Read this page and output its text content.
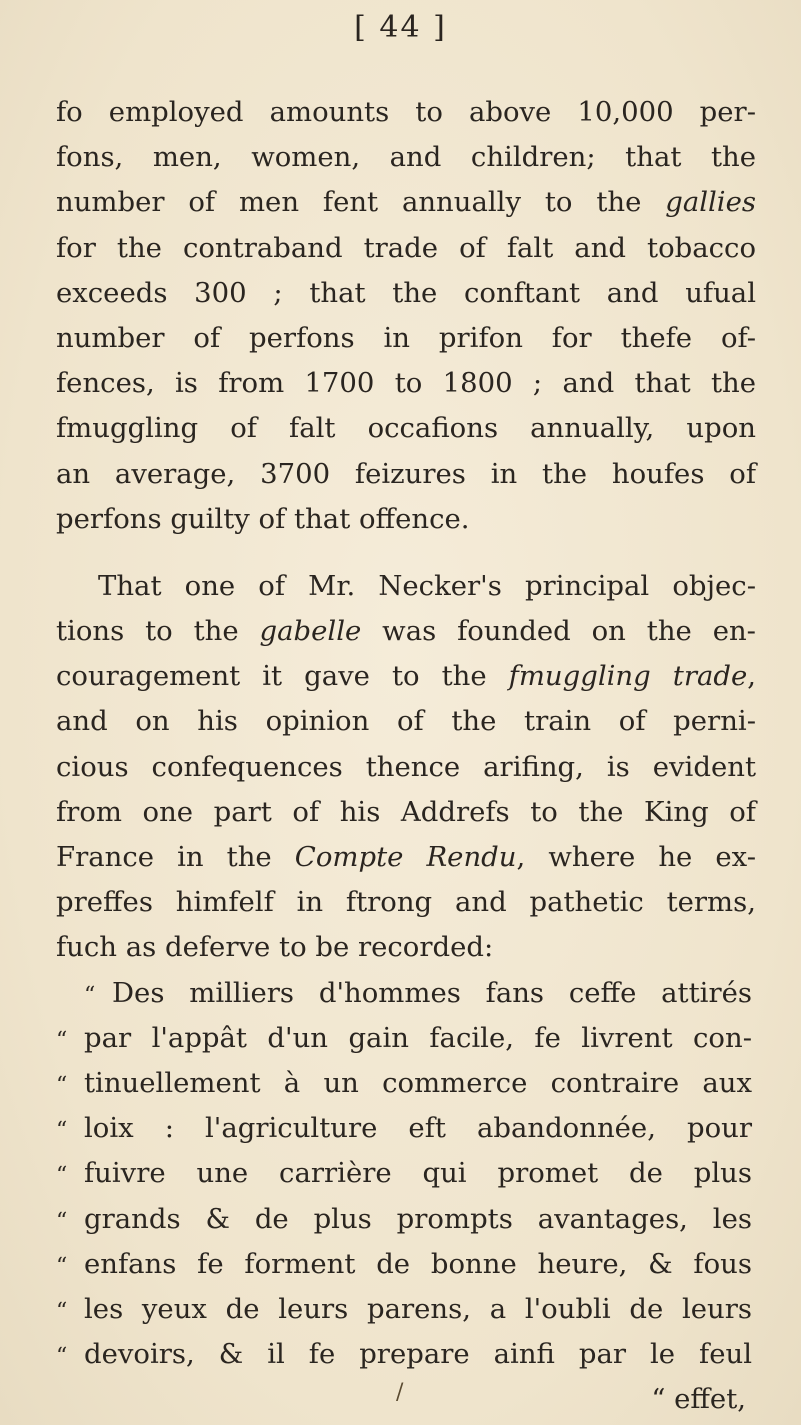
[ 44 ]
fo employed amounts to above 10,000 per-
fons, men, women, and children; that the
number of men fent annually to the gallies
for the contraband trade of falt and tobacco
exceeds 300 ; that the conftant and ufual
number of perfons in prifon for thefe of-
fences, is from 1700 to 1800 ; and that the
fmuggling of falt occafions annually, upon
an average, 3700 feizures in the houfes of
perfons guilty of that offence.
That one of Mr. Necker's principal objec-
tions to the gabelle was founded on the en-
couragement it gave to the fmuggling trade,
and on his opinion of the train of perni-
cious confequences thence arifing, is evident
from one part of his Addrefs to the King of
France in the Compte Rendu, where he ex-
preffes himfelf in ftrong and pathetic terms,
fuch as deferve to be recorded:
“ Des milliers d'hommes fans ceffe attirés
“ par l'appât d'un gain facile, fe livrent con-
“ tinuellement à un commerce contraire aux
“ loix : l'agriculture eft abandonnée, pour
“ fuivre une carrière qui promet de plus
“ grands & de plus prompts avantages, les
“ enfans fe forment de bonne heure, & fous
“ les yeux de leurs parens, a l'oubli de leurs
“ devoirs, & il fe prepare ainfi par le feul
“ effet,
/
